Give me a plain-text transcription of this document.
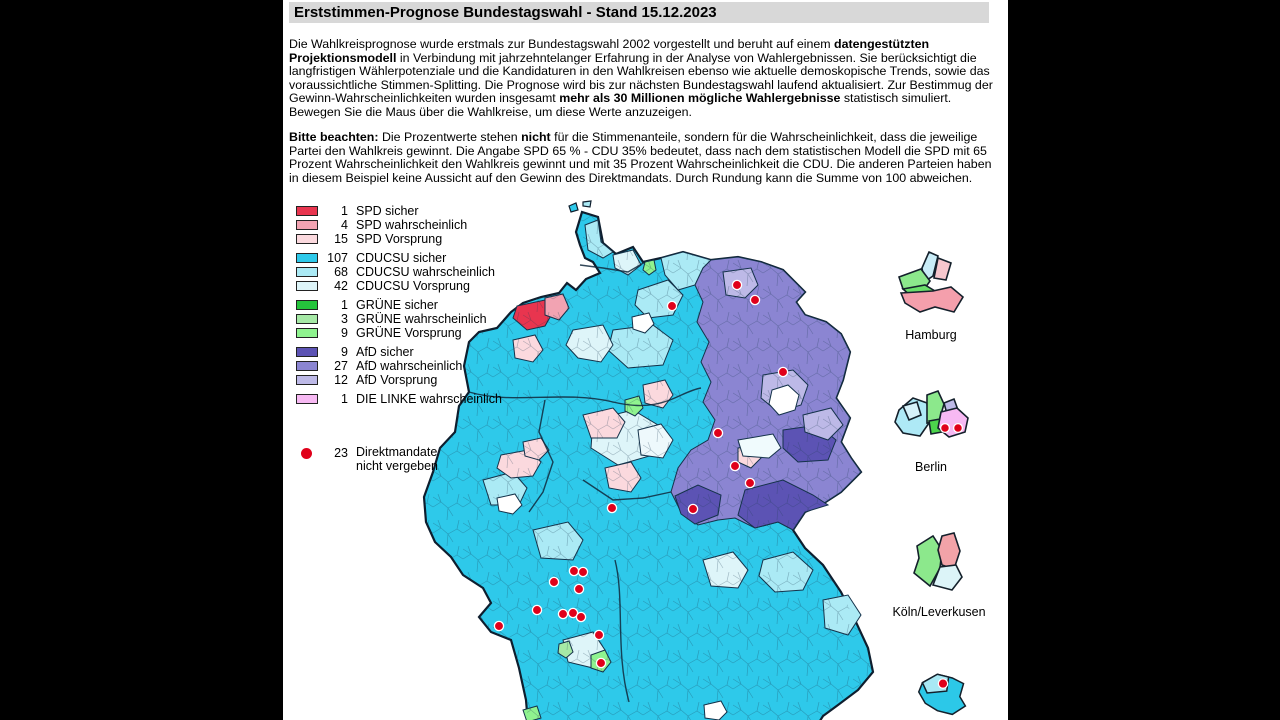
Erststimmen-Prognose Bundestagswahl - Stand 15.12.2023
Die Wahlkreisprognose wurde erstmals zur Bundestagswahl 2002 vorgestellt und beruht auf einem datengestützten Projektionsmodell in Verbindung mit jahrzehntelanger Erfahrung in der Analyse von Wahlergebnissen. Sie berücksichtigt die langfristigen Wählerpotenziale und die Kandidaturen in den Wahlkreisen ebenso wie aktuelle demoskopische Trends, sowie das voraussichtliche Stimmen-Splitting. Die Prognose wird bis zur nächsten Bundestagswahl laufend aktualisiert. Zur Bestimmug der Gewinn-Wahrscheinlichkeiten wurden insgesamt mehr als 30 Millionen mögliche Wahlergebnisse statistisch simuliert. Bewegen Sie die Maus über die Wahlkreise, um diese Werte anzuzeigen.
Bitte beachten: Die Prozentwerte stehen nicht für die Stimmenanteile, sondern für die Wahrscheinlichkeit, dass die jeweilige Partei den Wahlkreis gewinnt. Die Angabe SPD 65 % - CDU 35% bedeutet, dass nach dem statistischen Modell die SPD mit 65 Prozent Wahrscheinlichkeit den Wahlkreis gewinnt und mit 35 Prozent Wahrscheinlichkeit die CDU. Die anderen Parteien haben in diesem Beispiel keine Aussicht auf den Gewinn des Direktmandats. Durch Rundung kann die Summe von 100 abweichen.
1 SPD sicher
4 SPD wahrscheinlich
15 SPD Vorsprung
107 CDUCSU sicher
68 CDUCSU wahrscheinlich
42 CDUCSU Vorsprung
1 GRÜNE sicher
3 GRÜNE wahrscheinlich
9 GRÜNE Vorsprung
9 AfD sicher
27 AfD wahrscheinlich
12 AfD Vorsprung
1 DIE LINKE wahrscheinlich
23 Direktmandate
nicht vergeben
Hamburg
Berlin
Köln/Leverkusen
